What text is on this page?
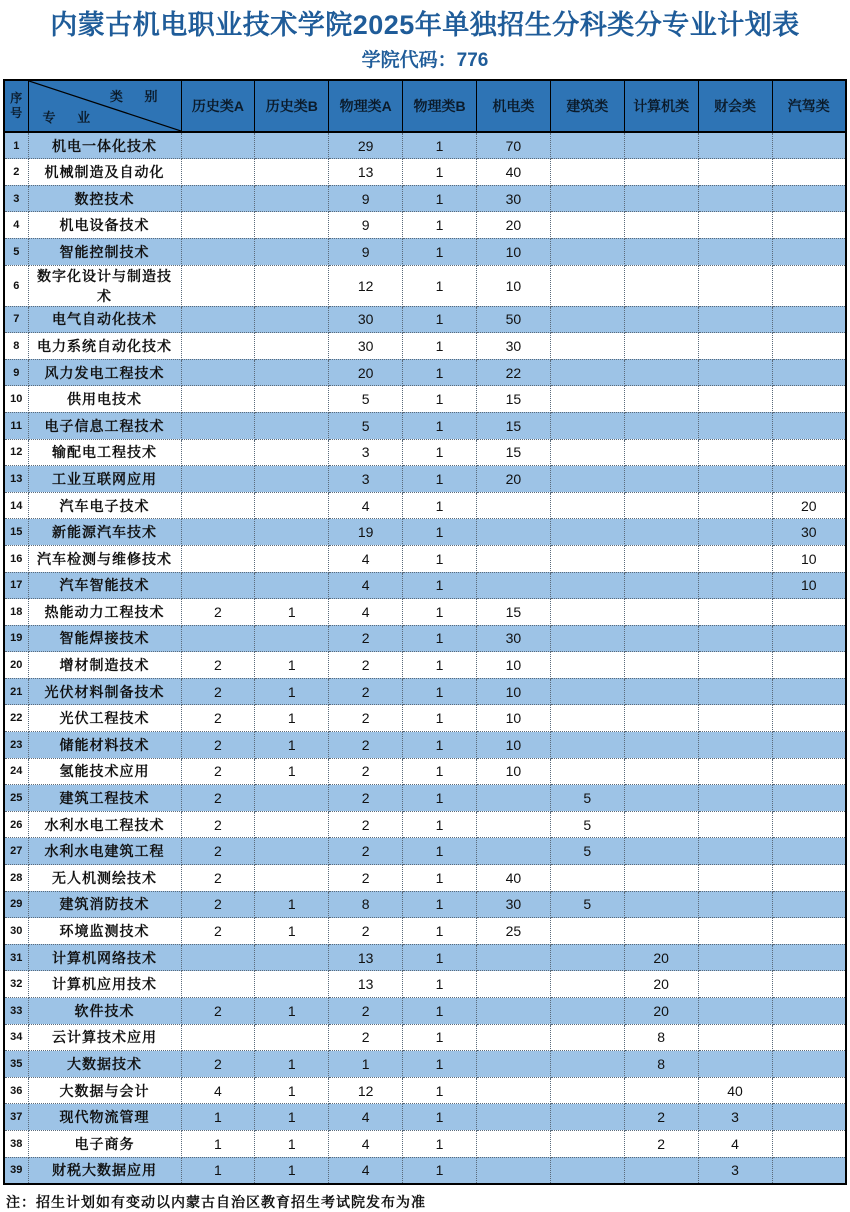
内蒙古机电职业技术学院2025年单独招生分科类分专业计划表
学院代码：776
序号	类 别
专 业	历史类A	历史类B	物理类A	物理类B	机电类	建筑类	计算机类	财会类	汽驾类
1	机电一体化技术			29	1	70				
2	机械制造及自动化			13	1	40				
3	数控技术			9	1	30				
4	机电设备技术			9	1	20				
5	智能控制技术			9	1	10				
6	数字化设计与制造技术			12	1	10				
7	电气自动化技术			30	1	50				
8	电力系统自动化技术			30	1	30				
9	风力发电工程技术			20	1	22				
10	供用电技术			5	1	15				
11	电子信息工程技术			5	1	15				
12	输配电工程技术			3	1	15				
13	工业互联网应用			3	1	20				
14	汽车电子技术			4	1					20
15	新能源汽车技术			19	1					30
16	汽车检测与维修技术			4	1					10
17	汽车智能技术			4	1					10
18	热能动力工程技术	2	1	4	1	15				
19	智能焊接技术			2	1	30				
20	增材制造技术	2	1	2	1	10				
21	光伏材料制备技术	2	1	2	1	10				
22	光伏工程技术	2	1	2	1	10				
23	储能材料技术	2	1	2	1	10				
24	氢能技术应用	2	1	2	1	10				
25	建筑工程技术	2		2	1		5			
26	水利水电工程技术	2		2	1		5			
27	水利水电建筑工程	2		2	1		5			
28	无人机测绘技术	2		2	1	40				
29	建筑消防技术	2	1	8	1	30	5			
30	环境监测技术	2	1	2	1	25				
31	计算机网络技术			13	1			20		
32	计算机应用技术			13	1			20		
33	软件技术	2	1	2	1			20		
34	云计算技术应用			2	1			8		
35	大数据技术	2	1	1	1			8		
36	大数据与会计	4	1	12	1				40	
37	现代物流管理	1	1	4	1			2	3	
38	电子商务	1	1	4	1			2	4	
39	财税大数据应用	1	1	4	1				3	
注：招生计划如有变动以内蒙古自治区教育招生考试院发布为准
